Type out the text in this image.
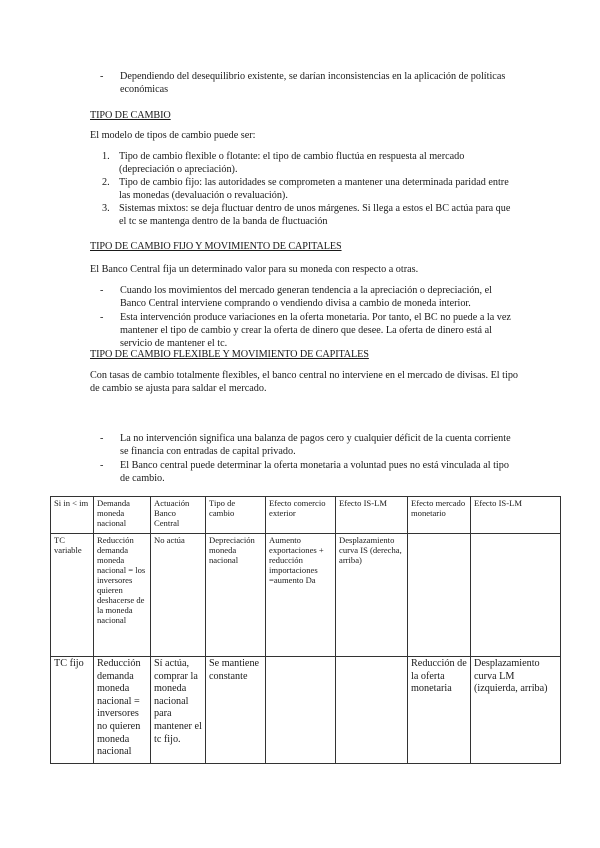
- Dependiendo del desequilibrio existente, se darían inconsistencias en la aplicación de políticas económicas
TIPO DE CAMBIO
El modelo de tipos de cambio puede ser:
1. Tipo de cambio flexible o flotante: el tipo de cambio fluctúa en respuesta al mercado (depreciación o apreciación).
2. Tipo de cambio fijo: las autoridades se comprometen a mantener una determinada paridad entre las monedas (devaluación o revaluación).
3. Sistemas mixtos: se deja fluctuar dentro de unos márgenes. Si llega a estos el BC actúa para que el tc se mantenga dentro de la banda de fluctuación
TIPO DE CAMBIO FIJO Y MOVIMIENTO DE CAPITALES
El Banco Central fija un determinado valor para su moneda con respecto a otras.
- Cuando los movimientos del mercado generan tendencia a la apreciación o depreciación, el Banco Central interviene comprando o vendiendo divisa a cambio de moneda interior.
- Esta intervención produce variaciones en la oferta monetaria. Por tanto, el BC no puede a la vez mantener el tipo de cambio y crear la oferta de dinero que desee. La oferta de dinero está al servicio de mantener el tc.
TIPO DE CAMBIO FLEXIBLE Y MOVIMIENTO DE CAPITALES
Con tasas de cambio totalmente flexibles, el banco central no interviene en el mercado de divisas. El tipo de cambio se ajusta para saldar el mercado.
- La no intervención significa una balanza de pagos cero y cualquier déficit de la cuenta corriente se financia con entradas de capital privado.
- El Banco central puede determinar la oferta monetaria a voluntad pues no está vinculada al tipo de cambio.
Si in < im	Demanda moneda nacional	Actuación Banco Central	Tipo de cambio	Efecto comercio exterior	Efecto IS-LM	Efecto mercado monetario	Efecto IS-LM
TC variable	Reducción demanda moneda nacional = los inversores quieren deshacerse de la moneda nacional	No actúa	Depreciación moneda nacional	Aumento exportaciones + reducción importaciones =aumento Da	Desplazamiento curva IS (derecha, arriba)		
TC fijo	Reducción demanda moneda nacional = inversores no quieren moneda nacional	Sí actúa, comprar la moneda nacional para mantener el tc fijo.	Se mantiene constante			Reducción de la oferta monetaria	Desplazamiento curva LM (izquierda, arriba)
